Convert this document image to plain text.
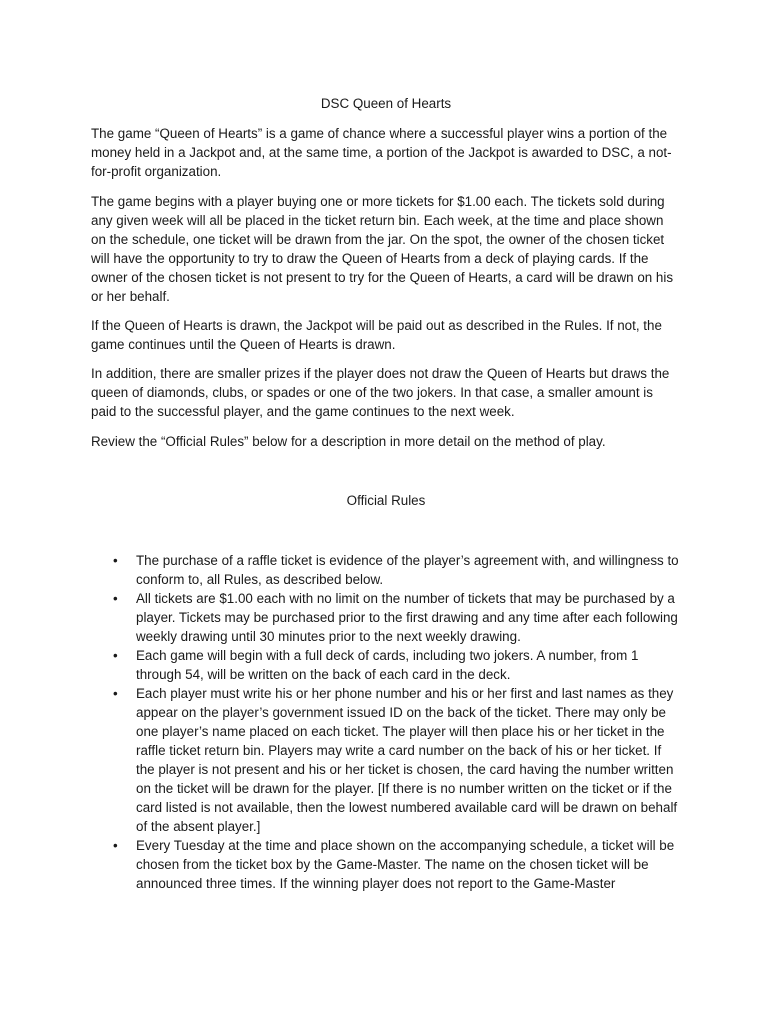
DSC Queen of Hearts

The game “Queen of Hearts” is a game of chance where a successful player wins a portion of the money held in a Jackpot and, at the same time, a portion of the Jackpot is awarded to DSC, a not-for-profit organization.

The game begins with a player buying one or more tickets for $1.00 each. The tickets sold during any given week will all be placed in the ticket return bin. Each week, at the time and place shown on the schedule, one ticket will be drawn from the jar. On the spot, the owner of the chosen ticket will have the opportunity to try to draw the Queen of Hearts from a deck of playing cards. If the owner of the chosen ticket is not present to try for the Queen of Hearts, a card will be drawn on his or her behalf.

If the Queen of Hearts is drawn, the Jackpot will be paid out as described in the Rules. If not, the game continues until the Queen of Hearts is drawn.

In addition, there are smaller prizes if the player does not draw the Queen of Hearts but draws the queen of diamonds, clubs, or spades or one of the two jokers. In that case, a smaller amount is paid to the successful player, and the game continues to the next week.

Review the “Official Rules” below for a description in more detail on the method of play.

Official Rules
• The purchase of a raffle ticket is evidence of the player’s agreement with, and willingness to conform to, all Rules, as described below.
• All tickets are $1.00 each with no limit on the number of tickets that may be purchased by a player. Tickets may be purchased prior to the first drawing and any time after each following weekly drawing until 30 minutes prior to the next weekly drawing.
• Each game will begin with a full deck of cards, including two jokers. A number, from 1 through 54, will be written on the back of each card in the deck.
• Each player must write his or her phone number and his or her first and last names as they appear on the player’s government issued ID on the back of the ticket. There may only be one player’s name placed on each ticket. The player will then place his or her ticket in the raffle ticket return bin. Players may write a card number on the back of his or her ticket. If the player is not present and his or her ticket is chosen, the card having the number written on the ticket will be drawn for the player. [If there is no number written on the ticket or if the card listed is not available, then the lowest numbered available card will be drawn on behalf of the absent player.]
• Every Tuesday at the time and place shown on the accompanying schedule, a ticket will be chosen from the ticket box by the Game-Master. The name on the chosen ticket will be announced three times. If the winning player does not report to the Game-Master
